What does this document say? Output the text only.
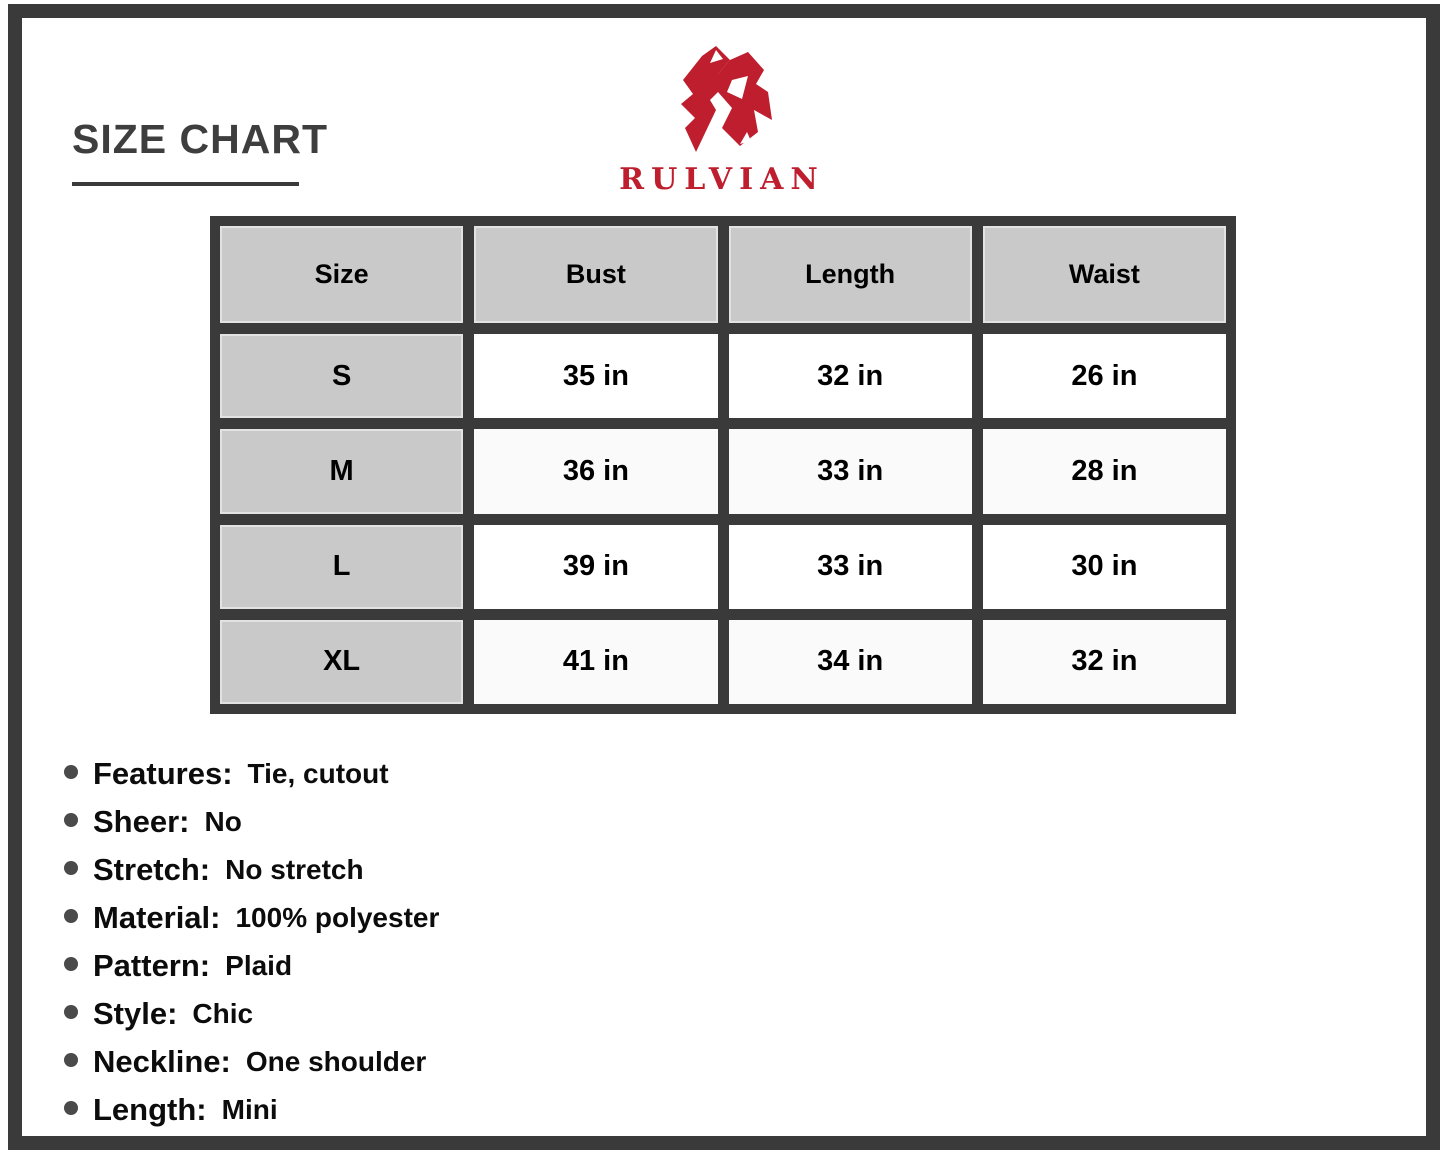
SIZE CHART
RULVIAN
Size	Bust	Length	Waist
S	35 in	32 in	26 in
M	36 in	33 in	28 in
L	39 in	33 in	30 in
XL	41 in	34 in	32 in
Features: Tie, cutout
Sheer: No
Stretch: No stretch
Material: 100% polyester
Pattern: Plaid
Style: Chic
Neckline: One shoulder
Length: Mini
